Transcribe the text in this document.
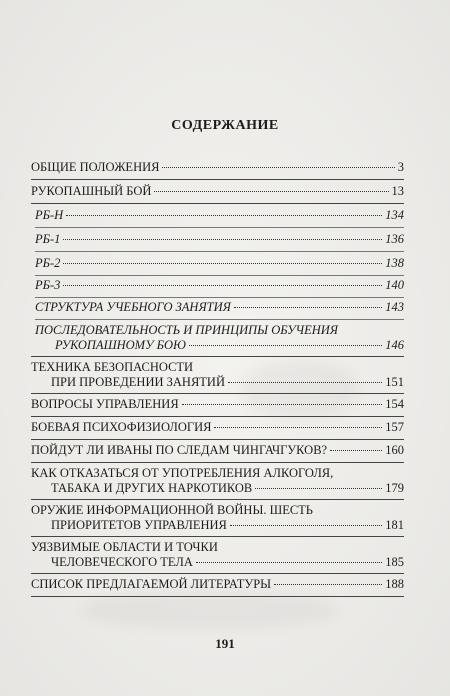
СОДЕРЖАНИЕ
ОБЩИЕ ПОЛОЖЕНИЯ	3
РУКОПАШНЫЙ БОЙ	13
РБ-Н	134
РБ-1	136
РБ-2	138
РБ-3	140
СТРУКТУРА УЧЕБНОГО ЗАНЯТИЯ	143
ПОСЛЕДОВАТЕЛЬНОСТЬ И ПРИНЦИПЫ ОБУЧЕНИЯ
РУКОПАШНОМУ БОЮ	146
ТЕХНИКА БЕЗОПАСНОСТИ
ПРИ ПРОВЕДЕНИИ ЗАНЯТИЙ	151
ВОПРОСЫ УПРАВЛЕНИЯ	154
БОЕВАЯ ПСИХОФИЗИОЛОГИЯ	157
ПОЙДУТ ЛИ ИВАНЫ ПО СЛЕДАМ ЧИНГАЧГУКОВ?	160
КАК ОТКАЗАТЬСЯ ОТ УПОТРЕБЛЕНИЯ АЛКОГОЛЯ,
ТАБАКА И ДРУГИХ НАРКОТИКОВ	179
ОРУЖИЕ ИНФОРМАЦИОННОЙ ВОЙНЫ. ШЕСТЬ
ПРИОРИТЕТОВ УПРАВЛЕНИЯ	181
УЯЗВИМЫЕ ОБЛАСТИ И ТОЧКИ
ЧЕЛОВЕЧЕСКОГО ТЕЛА	185
СПИСОК ПРЕДЛАГАЕМОЙ ЛИТЕРАТУРЫ	188
191
